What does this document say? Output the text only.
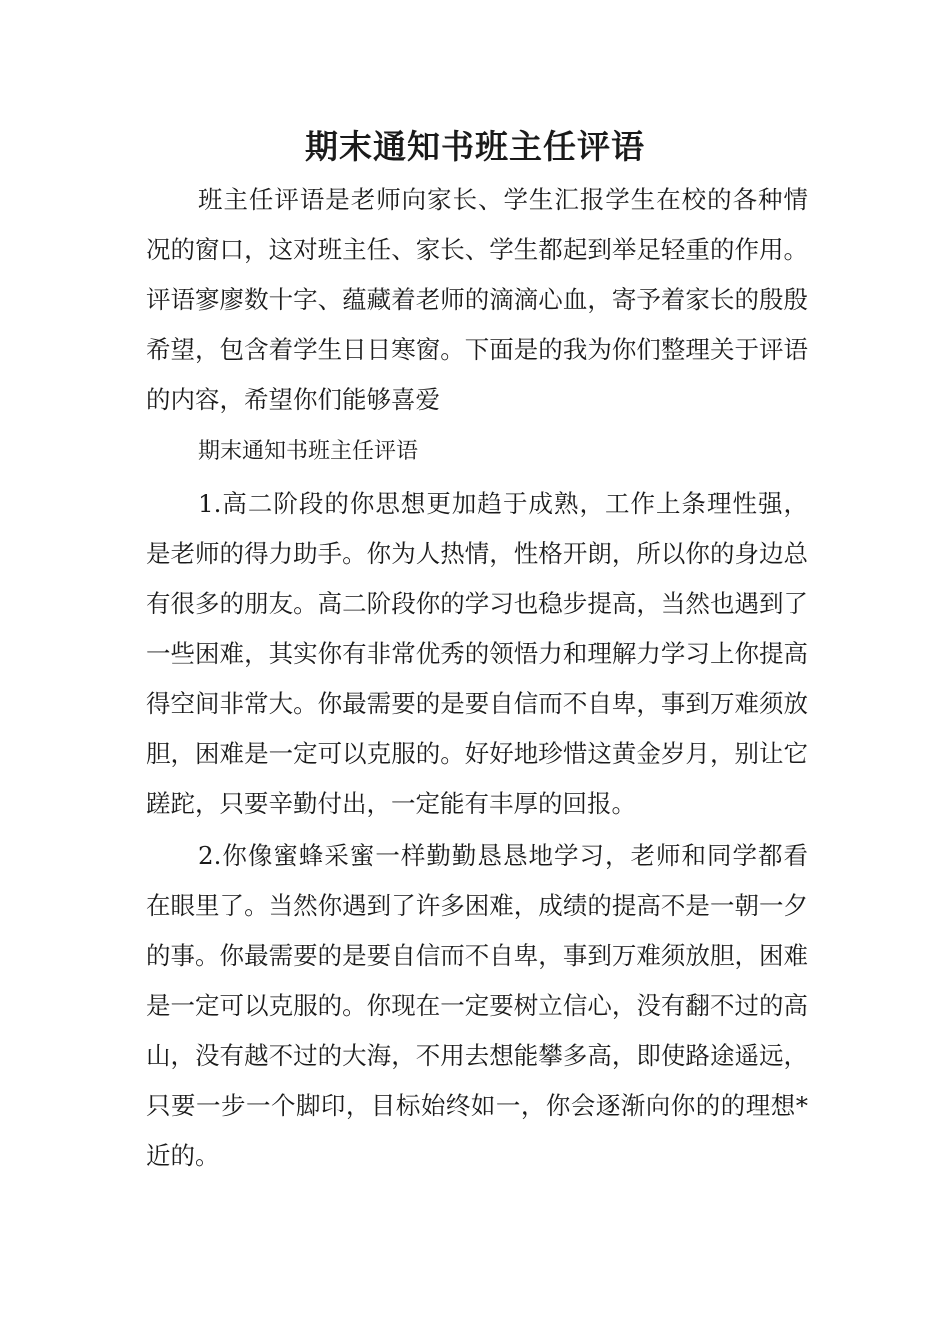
期末通知书班主任评语

班主任评语是老师向家长、学生汇报学生在校的各种情况的窗口，这对班主任、家长、学生都起到举足轻重的作用。评语寥廖数十字、蕴藏着老师的滴滴心血，寄予着家长的殷殷希望，包含着学生日日寒窗。下面是的我为你们整理关于评语的内容，希望你们能够喜爱

期末通知书班主任评语

1.高二阶段的你思想更加趋于成熟，工作上条理性强，是老师的得力助手。你为人热情，性格开朗，所以你的身边总有很多的朋友。高二阶段你的学习也稳步提高，当然也遇到了一些困难，其实你有非常优秀的领悟力和理解力学习上你提高得空间非常大。你最需要的是要自信而不自卑，事到万难须放胆，困难是一定可以克服的。好好地珍惜这黄金岁月，别让它蹉跎，只要辛勤付出，一定能有丰厚的回报。

2.你像蜜蜂采蜜一样勤勤恳恳地学习，老师和同学都看在眼里了。当然你遇到了许多困难，成绩的提高不是一朝一夕的事。你最需要的是要自信而不自卑，事到万难须放胆，困难是一定可以克服的。你现在一定要树立信心，没有翻不过的高山，没有越不过的大海，不用去想能攀多高，即使路途遥远，只要一步一个脚印，目标始终如一，你会逐渐向你的的理想*近的。
